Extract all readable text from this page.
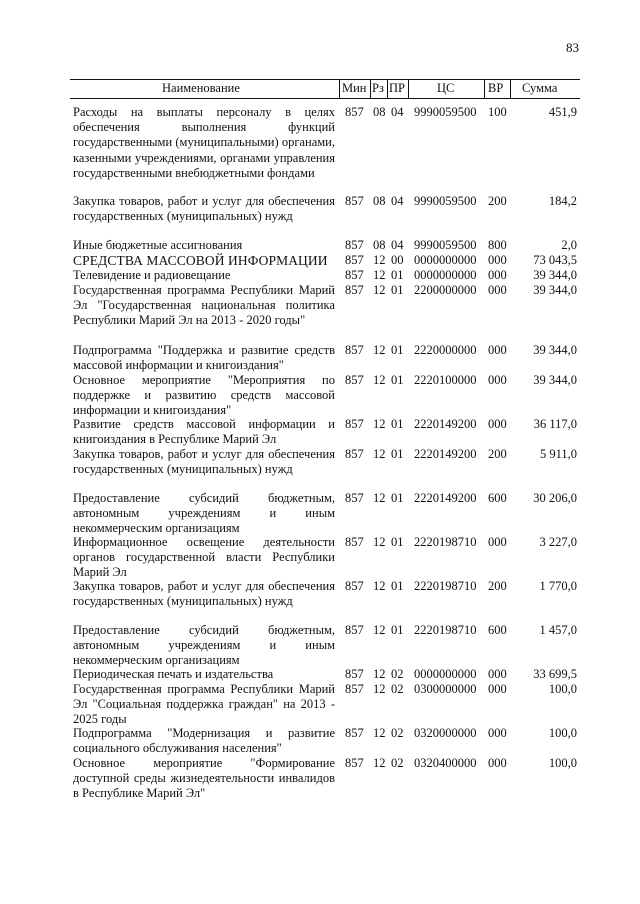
83
Наименование	Мин Рз ПР	ЦС	ВР Сумма
Расходы на выплаты персоналу в целях обеспечения выполнения функций государственными (муниципальными) органами, казенными учреждениями, органами управления государственными внебюджетными фондами
857 08 04 9990059500 100	451,9
Закупка товаров, работ и услуг для обеспечения государственных (муниципальных) нужд
857 08 04 9990059500 200	184,2
Иные бюджетные ассигнования	857 08 04 9990059500 800	2,0
СРЕДСТВА МАССОВОЙ ИНФОРМАЦИИ	857 12 00 0000000000 000	73 043,5
Телевидение и радиовещание	857 12 01 0000000000 000	39 344,0
Государственная программа Республики Марий Эл "Государственная национальная политика Республики Марий Эл на 2013 - 2020 годы"
857 12 01 2200000000 000	39 344,0
Подпрограмма "Поддержка и развитие средств массовой информации и книгоиздания"
857 12 01 2220000000 000	39 344,0
Основное мероприятие "Мероприятия по поддержке и развитию средств массовой информации и книгоиздания"
857 12 01 2220100000 000	39 344,0
Развитие средств массовой информации и книгоиздания в Республике Марий Эл
857 12 01 2220149200 000	36 117,0
Закупка товаров, работ и услуг для обеспечения государственных (муниципальных) нужд
857 12 01 2220149200 200	5 911,0
Предоставление субсидий бюджетным, автономным учреждениям и иным некоммерческим организациям
857 12 01 2220149200 600	30 206,0
Информационное освещение деятельности органов государственной власти Республики Марий Эл
857 12 01 2220198710 000	3 227,0
Закупка товаров, работ и услуг для обеспечения государственных (муниципальных) нужд
857 12 01 2220198710 200	1 770,0
Предоставление субсидий бюджетным, автономным учреждениям и иным некоммерческим организациям
857 12 01 2220198710 600	1 457,0
Периодическая печать и издательства	857 12 02 0000000000 000	33 699,5
Государственная программа Республики Марий Эл "Социальная поддержка граждан" на 2013 - 2025 годы
857 12 02 0300000000 000	100,0
Подпрограмма "Модернизация и развитие социального обслуживания населения"
857 12 02 0320000000 000	100,0
Основное мероприятие "Формирование доступной среды жизнедеятельности инвалидов в Республике Марий Эл"
857 12 02 0320400000 000	100,0
